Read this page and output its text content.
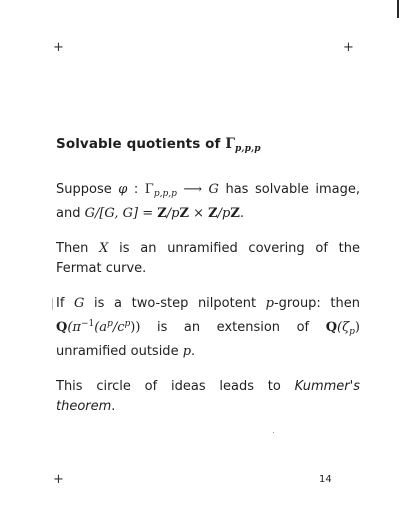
+	+
+
Solvable quotients of $\Gamma_{p,p,p}$

Suppose φ : $\Gamma_{p,p,p}$ ⟶ G has solvable image, and G/[G, G] = Z/pZ × Z/pZ.

Then X is an unramified covering of the Fermat curve.

If G is a two-step nilpotent p-group: then $Q(\pi^{-1}(a^p/c^p))$ is an extension of $Q(\zeta_p)$ unramified outside p.

This circle of ideas leads to Kummer's theorem.

14
